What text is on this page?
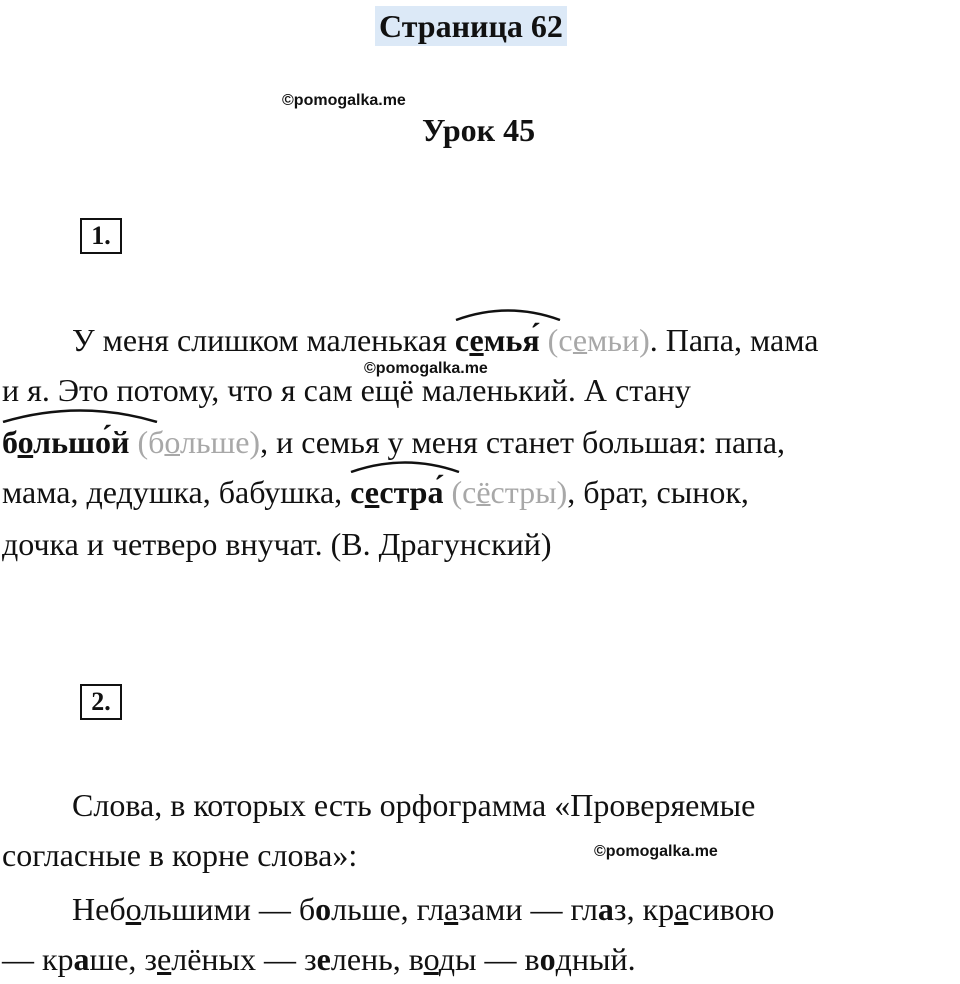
Страница 62
©pomogalka.me
Урок 45
1.
©pomogalka.me
У меня слишком маленькая
семья́ (семьи). Папа, мама
и я. Это потому, что я сам ещё маленький. А стану
большо́й (больше), и семья у меня станет большая: папа,
мама, дедушка, бабушка,
сестра́ (сёстры), брат, сынок,
дочка и четверо внучат. (В. Драгунский)
2.
Слова, в которых есть орфограмма «Проверяемые
согласные в корне слова»:	©pomogalka.me
Небольшими — больше, глазами — глаз, красивою
— краше, зелёных — зелень, воды — водный.
